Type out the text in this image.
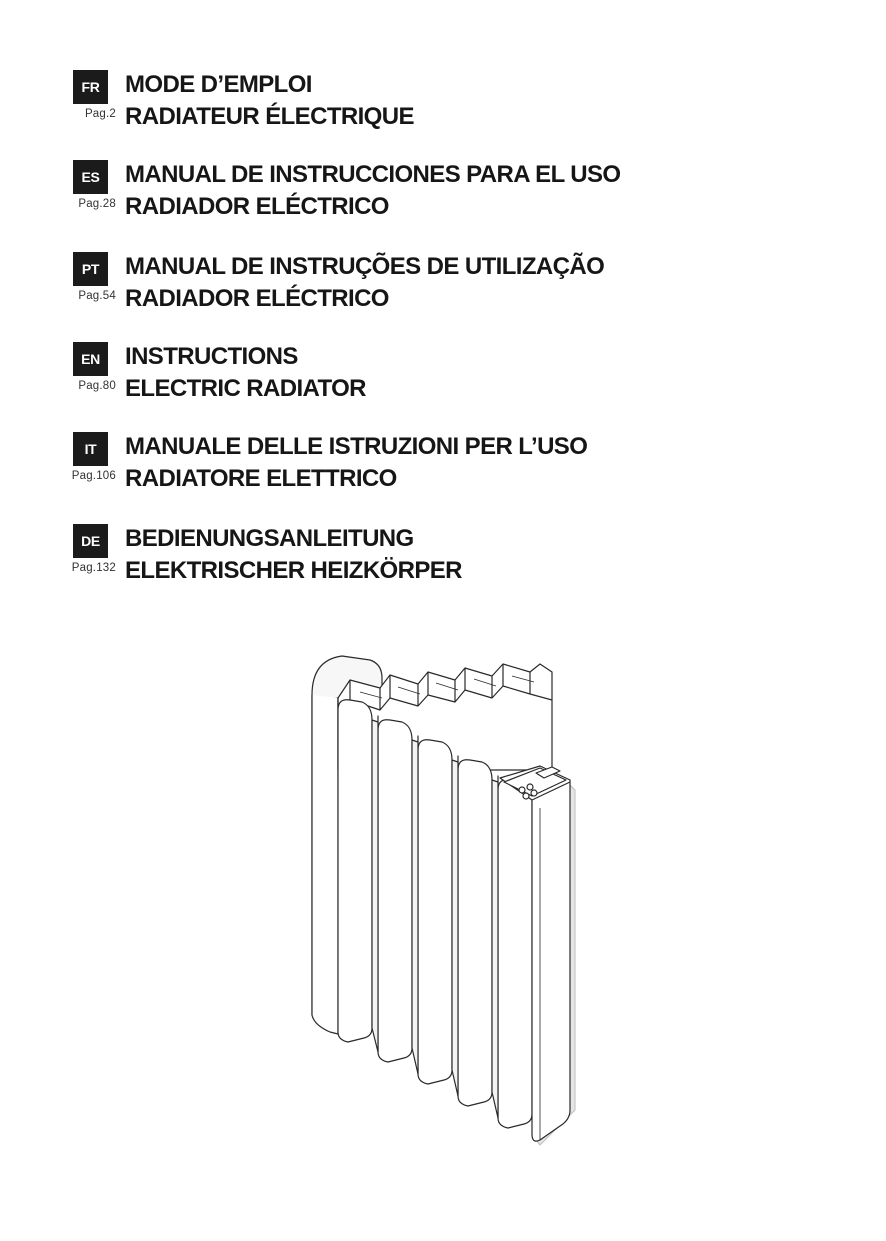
FR
Pag.2
MODE D’EMPLOI
RADIATEUR ÉLECTRIQUE
ES
Pag.28
MANUAL DE INSTRUCCIONES PARA EL USO
RADIADOR ELÉCTRICO
PT
Pag.54
MANUAL DE INSTRUÇÕES DE UTILIZAÇÃO
RADIADOR ELÉCTRICO
EN
Pag.80
INSTRUCTIONS
ELECTRIC RADIATOR
IT
Pag.106
MANUALE DELLE ISTRUZIONI PER L’USO
RADIATORE ELETTRICO
DE
Pag.132
BEDIENUNGSANLEITUNG
ELEKTRISCHER HEIZKÖRPER
